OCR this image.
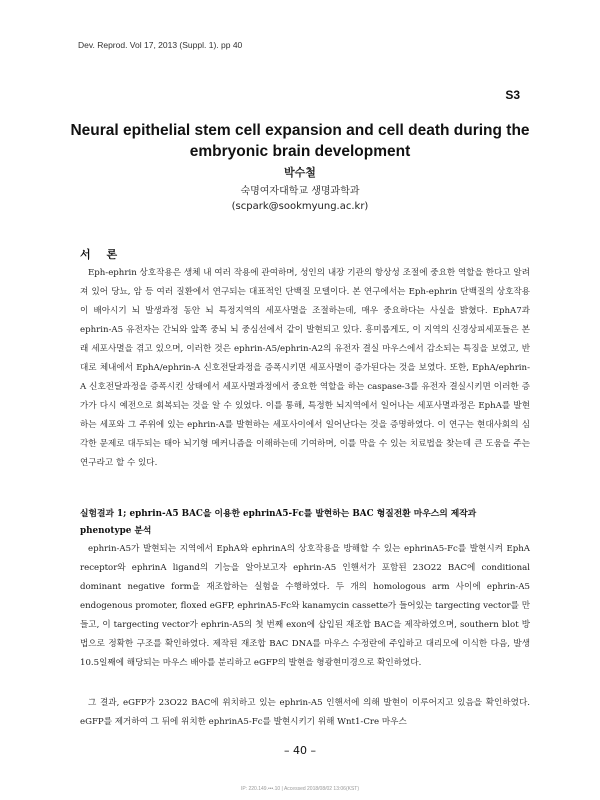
Dev. Reprod. Vol 17, 2013 (Suppl. 1). pp 40
S3
Neural epithelial stem cell expansion and cell death during the embryonic brain development
박수철
숙명여자대학교 생명과학과
(scpark@sookmyung.ac.kr)
서 론

Eph-ephrin 상호작용은 생체 내 여러 작용에 관여하며, 성인의 내장 기관의 항상성 조절에 중요한 역할을 한다고 알려져 있어 당뇨, 암 등 여러 질환에서 연구되는 대표적인 단백질 모델이다. 본 연구에서는 Eph-ephrin 단백질의 상호작용이 배아시기 뇌 발생과정 동안 뇌 특정지역의 세포사멸을 조절하는데, 매우 중요하다는 사실을 밝혔다. EphA7과 ephrin-A5 유전자는 간뇌와 앞쪽 중뇌 뇌 중심선에서 같이 발현되고 있다. 흥미롭게도, 이 지역의 신경상피세포들은 본래 세포사멸을 겪고 있으며, 이러한 것은 ephrin-A5/ephrin-A2의 유전자 결실 마우스에서 감소되는 특징을 보였고, 반대로 체내에서 EphA/ephrin-A 신호전달과정을 증폭시키면 세포사멸이 증가된다는 것을 보였다. 또한, EphA/ephrin-A 신호전달과정을 증폭시킨 상태에서 세포사멸과정에서 중요한 역할을 하는 caspase-3를 유전자 결실시키면 이러한 증가가 다시 예전으로 회복되는 것을 알 수 있었다. 이를 통해, 특정한 뇌지역에서 일어나는 세포사멸과정은 EphA를 발현하는 세포와 그 주위에 있는 ephrin-A를 발현하는 세포사이에서 일어난다는 것을 증명하였다. 이 연구는 현대사회의 심각한 문제로 대두되는 태아 뇌기형 메커니즘을 이해하는데 기여하며, 이를 막을 수 있는 치료법을 찾는데 큰 도움을 주는 연구라고 할 수 있다.

실험결과 1; ephrin-A5 BAC을 이용한 ephrinA5-Fc를 발현하는 BAC 형질전환 마우스의 제작과 phenotype 분석

ephrin-A5가 발현되는 지역에서 EphA와 ephrinA의 상호작용을 방해할 수 있는 ephrinA5-Fc를 발현시켜 EphA receptor와 ephrinA ligand의 기능을 알아보고자 ephrin-A5 인핸서가 포함된 23O22 BAC에 conditional dominant negative form을 재조합하는 실험을 수행하였다. 두 개의 homologous arm 사이에 ephrin-A5 endogenous promoter, floxed eGFP, ephrinA5-Fc와 kanamycin cassette가 들어있는 targecting vector를 만들고, 이 targecting vector가 ephrin-A5의 첫 번째 exon에 삽입된 재조합 BAC을 제작하였으며, southern blot 방법으로 정확한 구조를 확인하였다. 제작된 재조합 BAC DNA를 마우스 수정란에 주입하고 대리모에 이식한 다음, 발생 10.5일째에 해당되는 마우스 배아를 분리하고 eGFP의 발현을 형광현미경으로 확인하였다.

그 결과, eGFP가 23O22 BAC에 위치하고 있는 ephrin-A5 인핸서에 의해 발현이 이루어지고 있음을 확인하였다. eGFP를 제거하여 그 뒤에 위치한 ephrinA5-Fc를 발현시키기 위해 Wnt1-Cre 마우스

– 40 –
IP: 220.149.•••.10 | Accessed 2018/08/02 13:06(KST)
